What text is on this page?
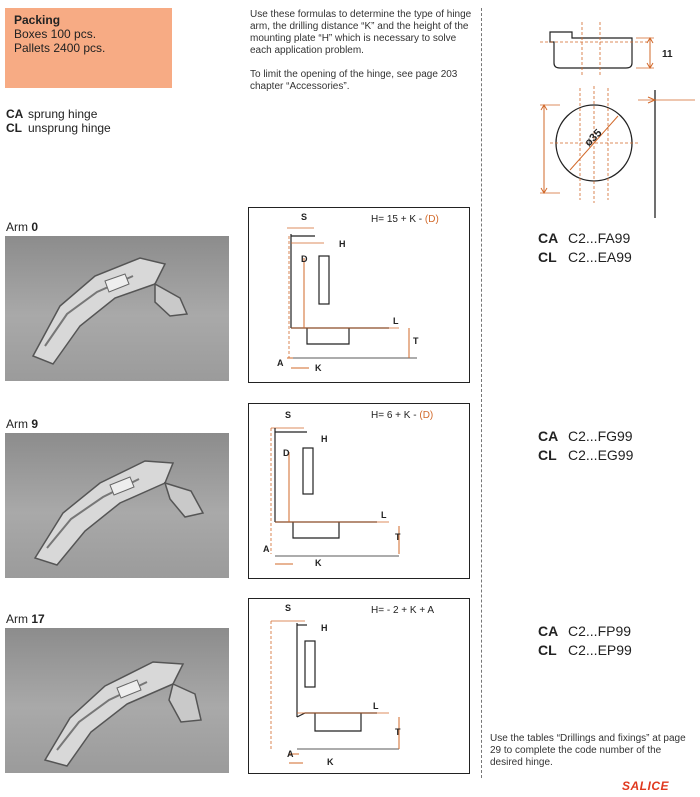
Packing
Boxes 100 pcs.
Pallets 2400 pcs.
CA sprung hinge
CL unsprung hinge

Use these formulas to determine the type of hinge arm, the drilling distance “K” and the height of the mounting plate “H” which is necessary to solve each application problem.

To limit the opening of the hinge, see page 203 chapter “Accessories”.

11
ø35
Arm 0
H= 15 + K - (D)
S
H
D
L
T
A	K
CA C2...FA99
CL C2...EA99
Arm 9
H= 6 + K - (D)
S
H
D
L
T
A
K
CA C2...FG99
CL C2...EG99
Arm 17
H= - 2 + K + A
S
H
L
T
A
K
CA C2...FP99
CL C2...EP99
Use the tables “Drillings and fixings” at page 29 to complete the code number of the desired hinge.
SALICE
